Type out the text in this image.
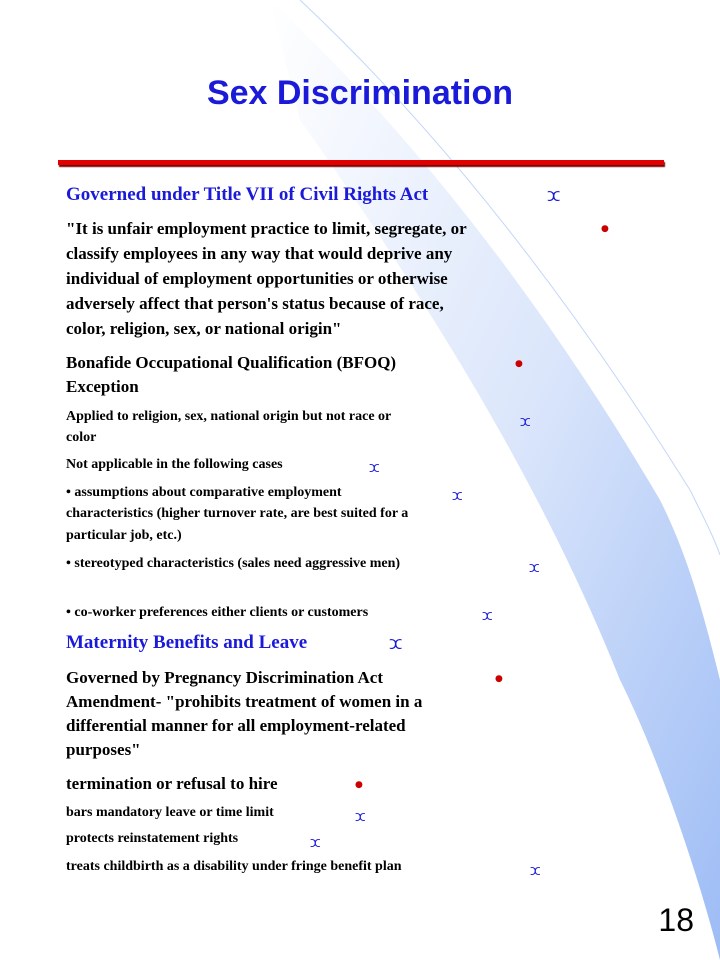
Sex Discrimination
Governed under Title VII of Civil Rights Act	ⵋ
"It is unfair employment practice to limit, segregate, or	●
classify employees in any way that would deprive any
individual of employment opportunities or otherwise
adversely affect that person's status because of race,
color, religion, sex, or national origin"
Bonafide Occupational Qualification (BFOQ)	●
Exception
Applied to religion, sex, national origin but not race or	ⵋ
color
Not applicable in the following cases	ⵋ
• assumptions about comparative employment	ⵋ
characteristics (higher turnover rate, are best suited for a
particular job, etc.)
• stereotyped characteristics (sales need aggressive men)	ⵋ
• co-worker preferences either clients or customers	ⵋ
Maternity Benefits and Leave	ⵋ
Governed by Pregnancy Discrimination Act	●
Amendment- "prohibits treatment of women in a
differential manner for all employment-related
purposes"
termination or refusal to hire	●
bars mandatory leave or time limit	ⵋ
protects reinstatement rights	ⵋ
treats childbirth as a disability under fringe benefit plan	ⵋ
18
